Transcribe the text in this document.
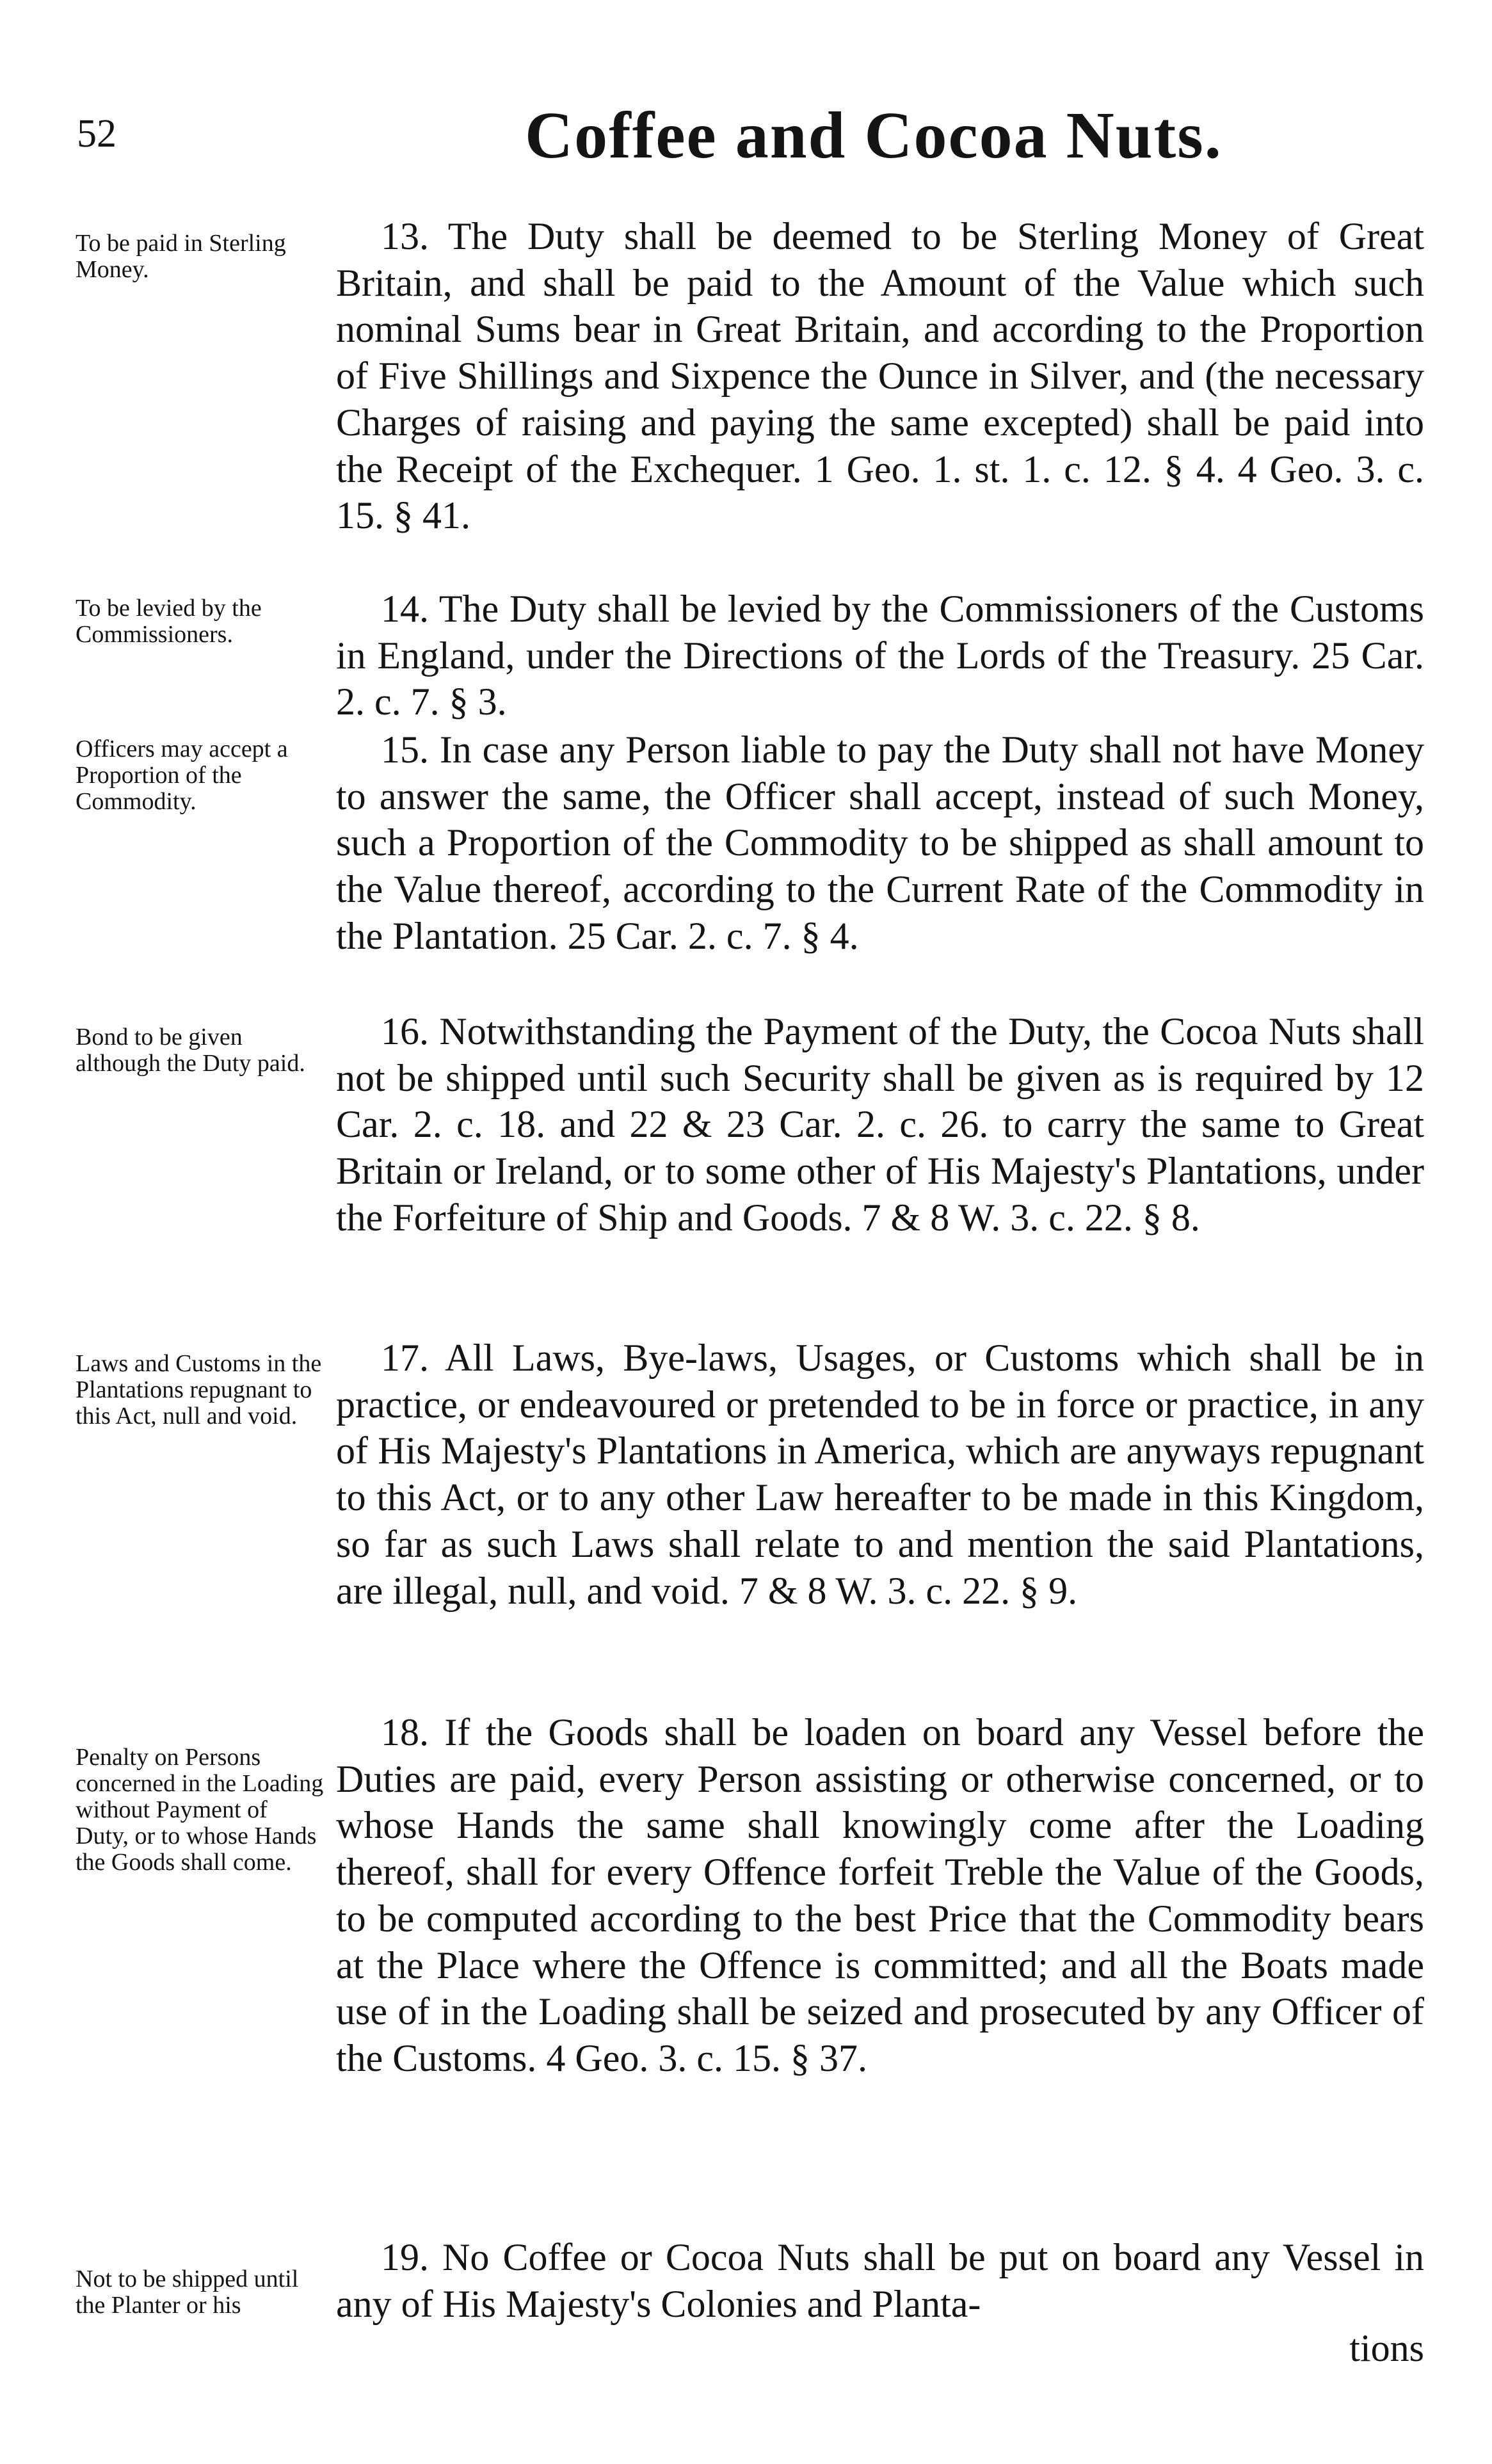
52	Coffee and Cocoa Nuts.
To be paid in Sterling Money.
13. The Duty shall be deemed to be Sterling Money of Great Britain, and shall be paid to the Amount of the Value which such nominal Sums bear in Great Britain, and according to the Proportion of Five Shillings and Sixpence the Ounce in Silver, and (the necessary Charges of raising and paying the same excepted) shall be paid into the Receipt of the Exchequer. 1 Geo. 1. st. 1. c. 12. § 4. 4 Geo. 3. c. 15. § 41.
To be levied by the Commissioners.
14. The Duty shall be levied by the Commissioners of the Customs in England, under the Directions of the Lords of the Treasury. 25 Car. 2. c. 7. § 3.
Officers may accept a Proportion of the Commodity.
15. In case any Person liable to pay the Duty shall not have Money to answer the same, the Officer shall accept, instead of such Money, such a Proportion of the Commodity to be shipped as shall amount to the Value thereof, according to the Current Rate of the Commodity in the Plantation. 25 Car. 2. c. 7. § 4.
Bond to be given although the Duty paid.
16. Notwithstanding the Payment of the Duty, the Cocoa Nuts shall not be shipped until such Security shall be given as is required by 12 Car. 2. c. 18. and 22 & 23 Car. 2. c. 26. to carry the same to Great Britain or Ireland, or to some other of His Majesty's Plantations, under the Forfeiture of Ship and Goods. 7 & 8 W. 3. c. 22. § 8.
Laws and Customs in the Plantations repugnant to this Act, null and void.
17. All Laws, Bye-laws, Usages, or Customs which shall be in practice, or endeavoured or pretended to be in force or practice, in any of His Majesty's Plantations in America, which are anyways repugnant to this Act, or to any other Law hereafter to be made in this Kingdom, so far as such Laws shall relate to and mention the said Plantations, are illegal, null, and void. 7 & 8 W. 3. c. 22. § 9.
Penalty on Persons concerned in the Loading without Payment of Duty, or to whose Hands the Goods shall come.
18. If the Goods shall be loaden on board any Vessel before the Duties are paid, every Person assisting or otherwise concerned, or to whose Hands the same shall knowingly come after the Loading thereof, shall for every Offence forfeit Treble the Value of the Goods, to be computed according to the best Price that the Commodity bears at the Place where the Offence is committed; and all the Boats made use of in the Loading shall be seized and prosecuted by any Officer of the Customs. 4 Geo. 3. c. 15. § 37.
Not to be shipped until the Planter or his
19. No Coffee or Cocoa Nuts shall be put on board any Vessel in any of His Majesty's Colonies and Planta-
tions
